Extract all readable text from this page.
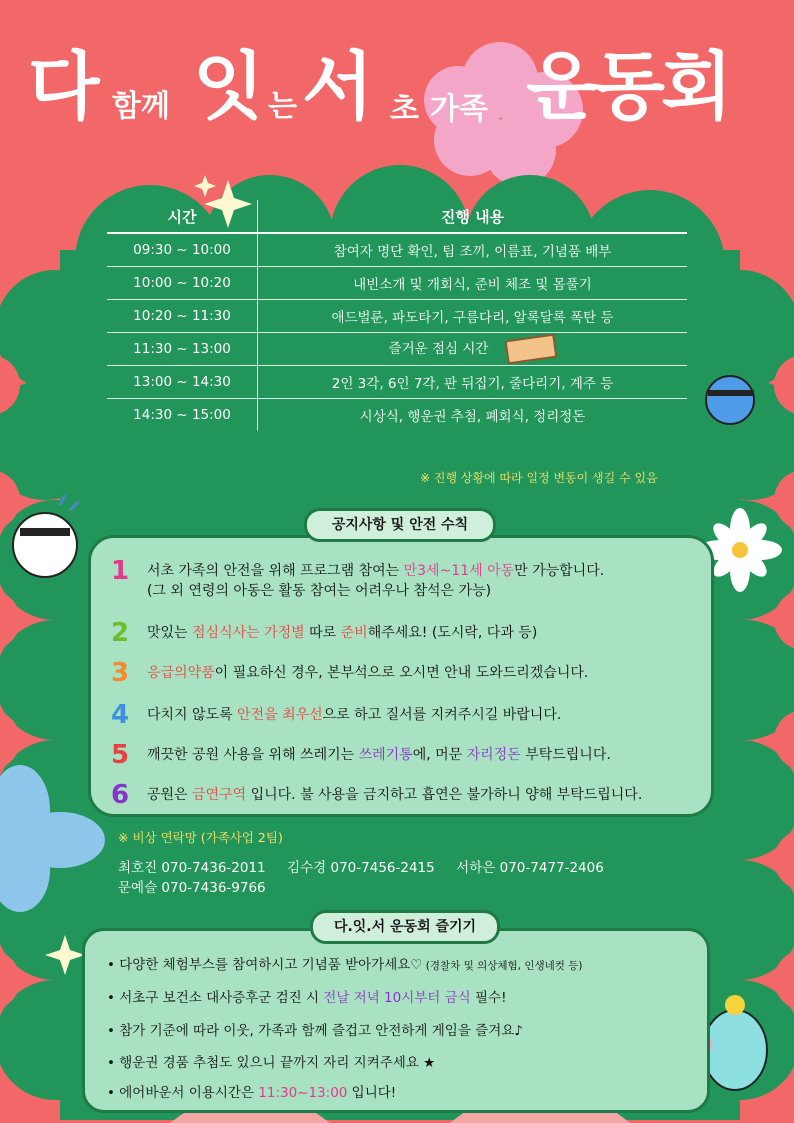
다 함께 잇 는 서 초 가족 운동회
시간	진행 내용
09:30 ~ 10:00	참여자 명단 확인, 팀 조끼, 이름표, 기념품 배부
10:00 ~ 10:20	내빈소개 및 개회식, 준비 체조 및 몸풀기
10:20 ~ 11:30	애드벌룬, 파도타기, 구름다리, 알록달록 폭탄 등
11:30 ~ 13:00	즐거운 점심 시간
13:00 ~ 14:30	2인 3각, 6인 7각, 판 뒤집기, 줄다리기, 계주 등
14:30 ~ 15:00	시상식, 행운권 추첨, 폐회식, 정리정돈
※ 진행 상황에 따라 일정 변동이 생길 수 있음
1	서초 가족의 안전을 위해 프로그램 참여는 만3세~11세 아동만 가능합니다.
(그 외 연령의 아동은 활동 참여는 어려우나 참석은 가능)
2	맛있는 점심식사는 가정별 따로 준비해주세요! (도시락, 다과 등)
3	응급의약품이 필요하신 경우, 본부석으로 오시면 안내 도와드리겠습니다.
4	다치지 않도록 안전을 최우선으로 하고 질서를 지켜주시길 바랍니다.
5	깨끗한 공원 사용을 위해 쓰레기는 쓰레기통에, 머문 자리정돈 부탁드립니다.
6	공원은 금연구역 입니다. 불 사용을 금지하고 흡연은 불가하니 양해 부탁드립니다.
공지사항 및 안전 수칙
※ 비상 연락망 (가족사업 2팀)
최호진 070-7436-2011     김수경 070-7456-2415     서하은 070-7477-2406
문예슬 070-7436-9766
• 다양한 체험부스를 참여하시고 기념품 받아가세요♡ (경찰차 및 의상체험, 인생네컷 등)
• 서초구 보건소 대사증후군 검진 시 전날 저녁 10시부터 금식 필수!
• 참가 기준에 따라 이웃, 가족과 함께 즐겁고 안전하게 게임을 즐겨요♪
• 행운권 경품 추첨도 있으니 끝까지 자리 지켜주세요 ★
• 에어바운서 이용시간은 11:30~13:00 입니다!
다.잇.서 운동회 즐기기
